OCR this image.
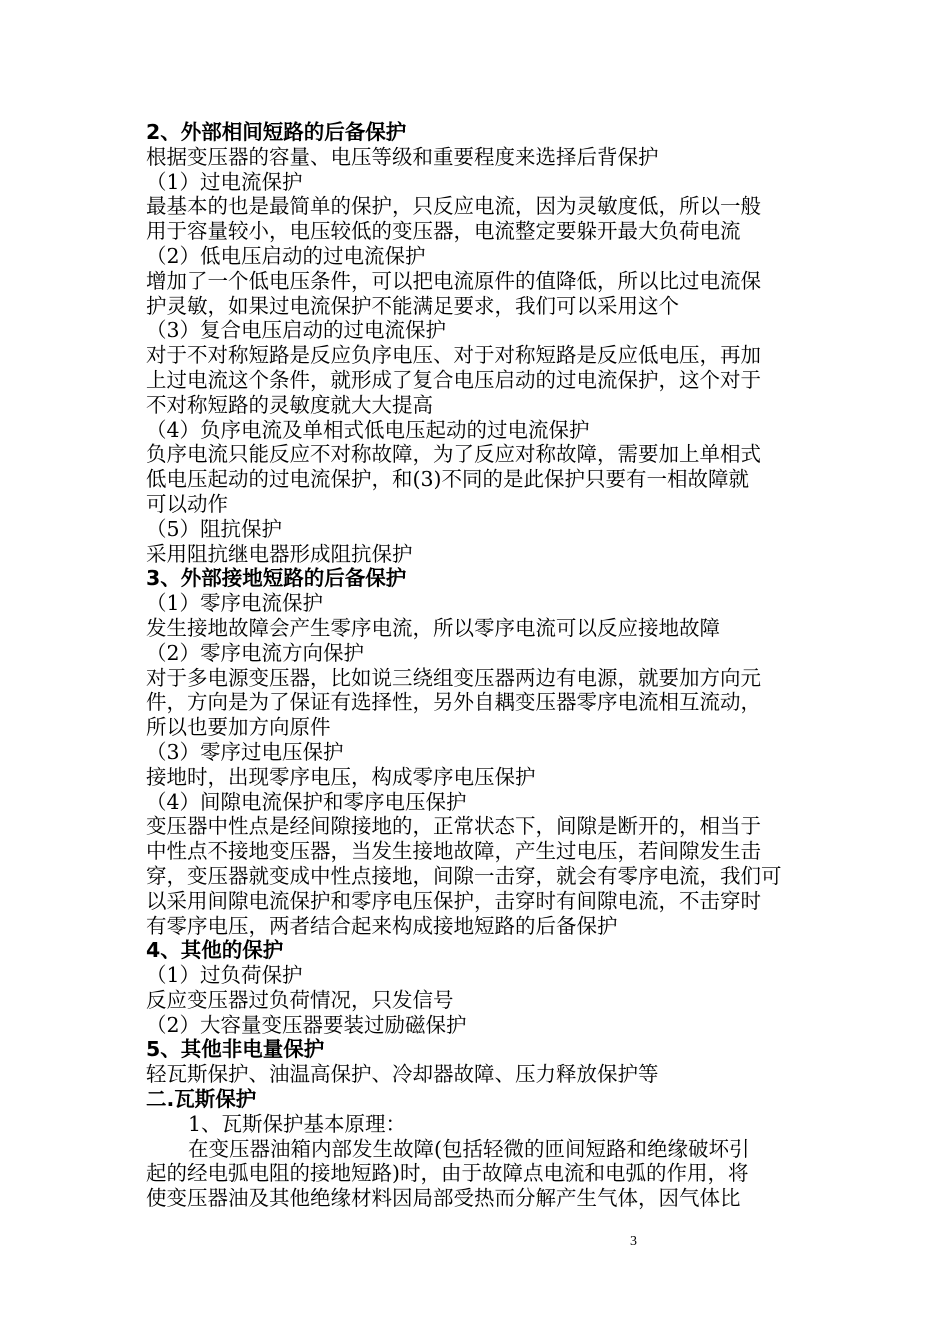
2、外部相间短路的后备保护

根据变压器的容量、电压等级和重要程度来选择后背保护

（1）过电流保护

最基本的也是最简单的保护，只反应电流，因为灵敏度低，所以一般

用于容量较小，电压较低的变压器，电流整定要躲开最大负荷电流

（2）低电压启动的过电流保护

增加了一个低电压条件，可以把电流原件的值降低，所以比过电流保

护灵敏，如果过电流保护不能满足要求，我们可以采用这个

（3）复合电压启动的过电流保护

对于不对称短路是反应负序电压、对于对称短路是反应低电压，再加

上过电流这个条件，就形成了复合电压启动的过电流保护，这个对于

不对称短路的灵敏度就大大提高

（4）负序电流及单相式低电压起动的过电流保护

负序电流只能反应不对称故障，为了反应对称故障，需要加上单相式

低电压起动的过电流保护，和(3)不同的是此保护只要有一相故障就

可以动作

（5）阻抗保护

采用阻抗继电器形成阻抗保护

3、外部接地短路的后备保护

（1）零序电流保护

发生接地故障会产生零序电流，所以零序电流可以反应接地故障

（2）零序电流方向保护

对于多电源变压器，比如说三绕组变压器两边有电源，就要加方向元

件，方向是为了保证有选择性，另外自耦变压器零序电流相互流动，

所以也要加方向原件

（3）零序过电压保护

接地时，出现零序电压，构成零序电压保护

（4）间隙电流保护和零序电压保护

变压器中性点是经间隙接地的，正常状态下，间隙是断开的，相当于

中性点不接地变压器，当发生接地故障，产生过电压，若间隙发生击

穿，变压器就变成中性点接地，间隙一击穿，就会有零序电流，我们可

以采用间隙电流保护和零序电压保护，击穿时有间隙电流，不击穿时

有零序电压，两者结合起来构成接地短路的后备保护

4、其他的保护

（1）过负荷保护

反应变压器过负荷情况，只发信号

（2）大容量变压器要装过励磁保护

5、其他非电量保护

轻瓦斯保护、油温高保护、冷却器故障、压力释放保护等

二.瓦斯保护

1、瓦斯保护基本原理：

在变压器油箱内部发生故障(包括轻微的匝间短路和绝缘破坏引

起的经电弧电阻的接地短路)时，由于故障点电流和电弧的作用，将

使变压器油及其他绝缘材料因局部受热而分解产生气体，因气体比

3
